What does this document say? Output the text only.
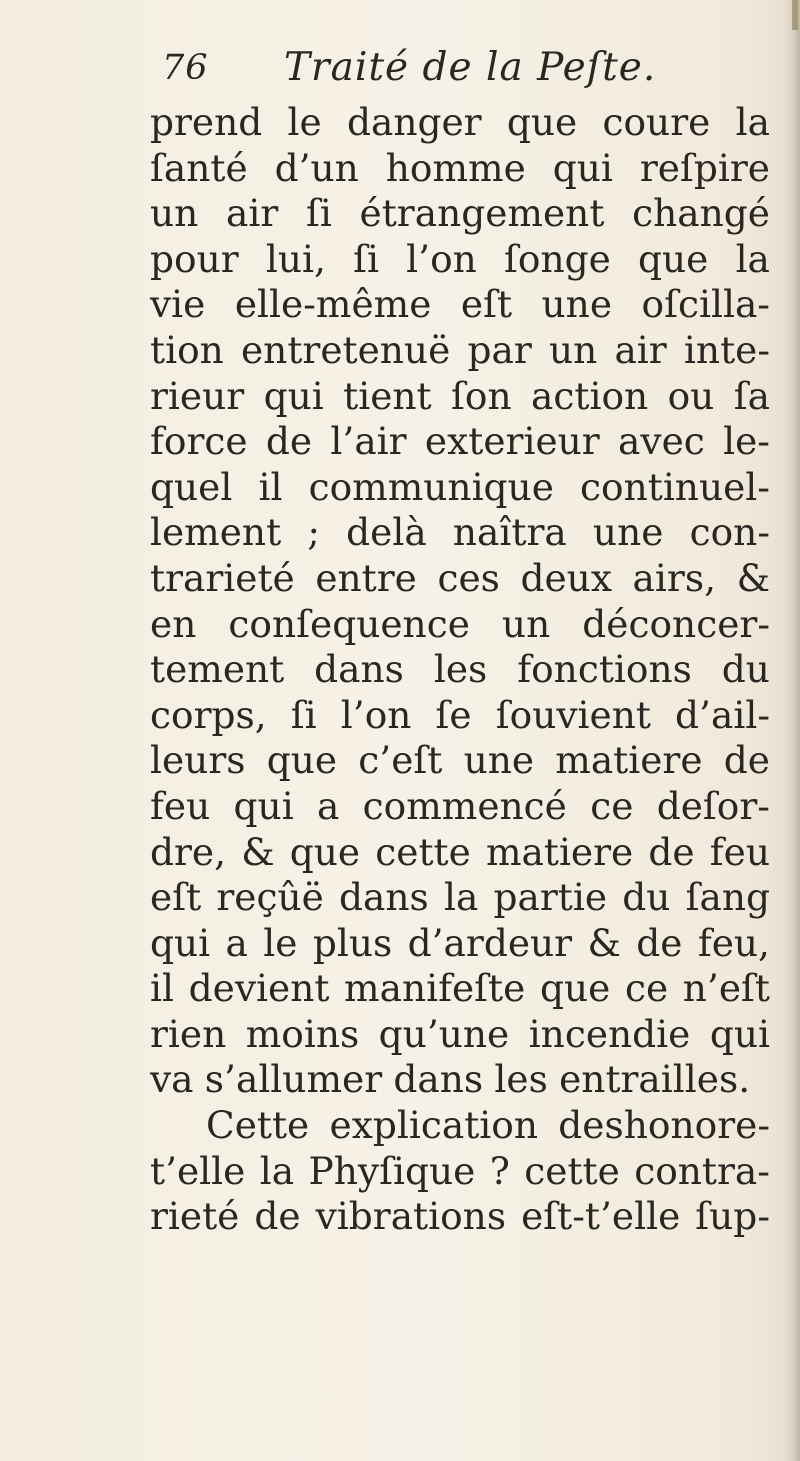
76 Traité de la Peſte.
prend le danger que coure la
ſanté d’un homme qui reſpire
un air ſi étrangement changé
pour lui, ſi l’on ſonge que la
vie elle-même eſt une oſcilla-
tion entretenuë par un air inte-
rieur qui tient ſon action ou ſa
force de l’air exterieur avec le-
quel il communique continuel-
lement ; delà naîtra une con-
trarieté entre ces deux airs, &
en conſequence un déconcer-
tement dans les fonctions du
corps, ſi l’on ſe ſouvient d’ail-
leurs que c’eſt une matiere de
feu qui a commencé ce deſor-
dre, & que cette matiere de feu
eſt reçûë dans la partie du ſang
qui a le plus d’ardeur & de feu,
il devient manifeſte que ce n’eſt
rien moins qu’une incendie qui
va s’allumer dans les entrailles.
Cette explication deshonore-
t’elle la Phyſique ? cette contra-
rieté de vibrations eſt-t’elle ſup-
